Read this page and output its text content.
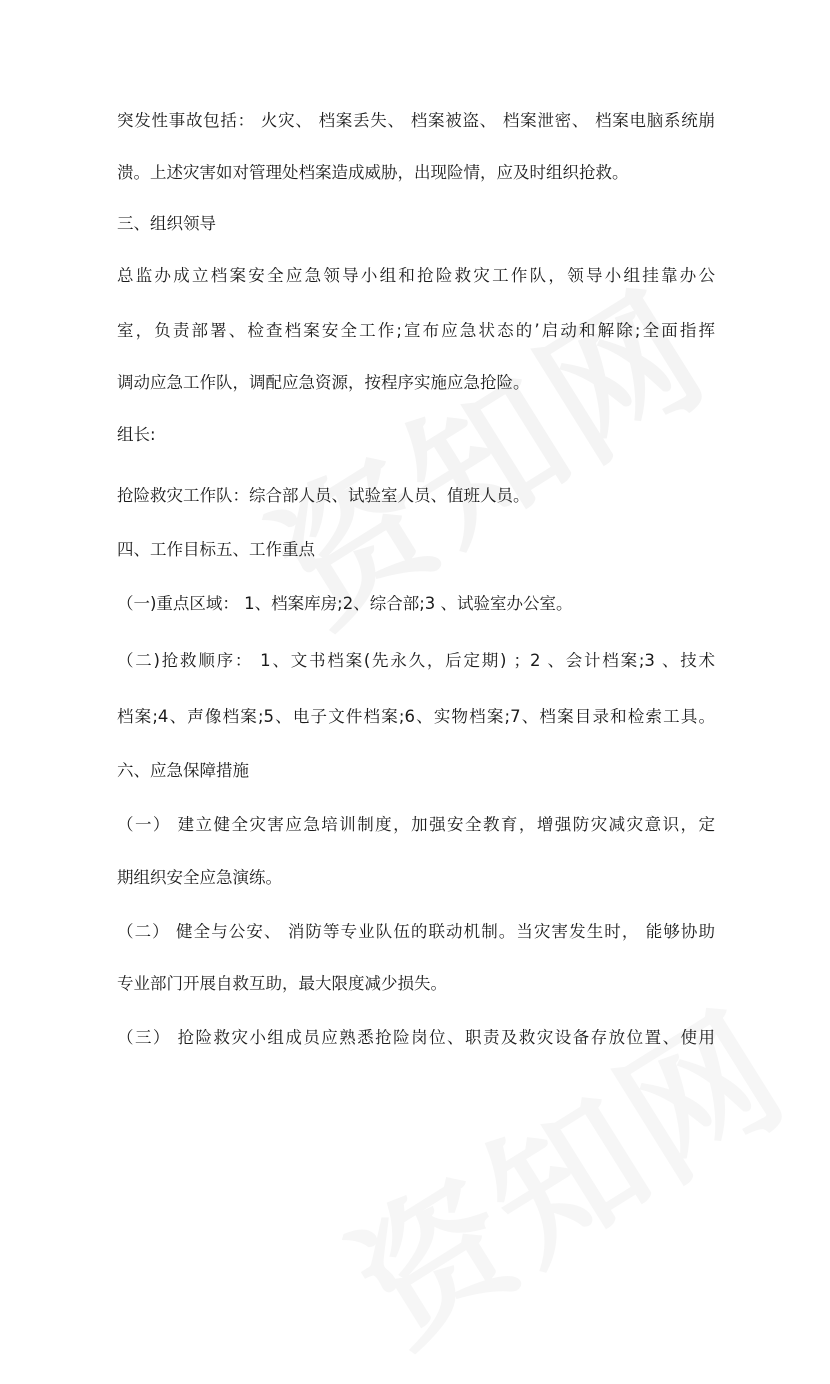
突发性事故包括： 火灾、 档案丢失、 档案被盗、 档案泄密、 档案电脑系统崩
溃。上述灾害如对管理处档案造成威胁，出现险情，应及时组织抢救。
三、组织领导
总监办成立档案安全应急领导小组和抢险救灾工作队，领导小组挂靠办公
室，负责部署、检查档案安全工作;宣布应急状态的’启动和解除;全面指挥
调动应急工作队，调配应急资源，按程序实施应急抢险。
组长:
抢险救灾工作队：综合部人员、试验室人员、值班人员。
四、工作目标五、工作重点
（一)重点区域： 1、档案库房;2、综合部;3 、试验室办公室。
（二)抢救顺序： 1、文书档案(先永久，后定期) ；2 、会计档案;3 、技术
档案;4、声像档案;5、电子文件档案;6、实物档案;7、档案目录和检索工具。
六、应急保障措施
（一） 建立健全灾害应急培训制度，加强安全教育，增强防灾减灾意识，定
期组织安全应急演练。
（二） 健全与公安、 消防等专业队伍的联动机制。当灾害发生时， 能够协助
专业部门开展自救互助，最大限度减少损失。
（三） 抢险救灾小组成员应熟悉抢险岗位、职责及救灾设备存放位置、使用
